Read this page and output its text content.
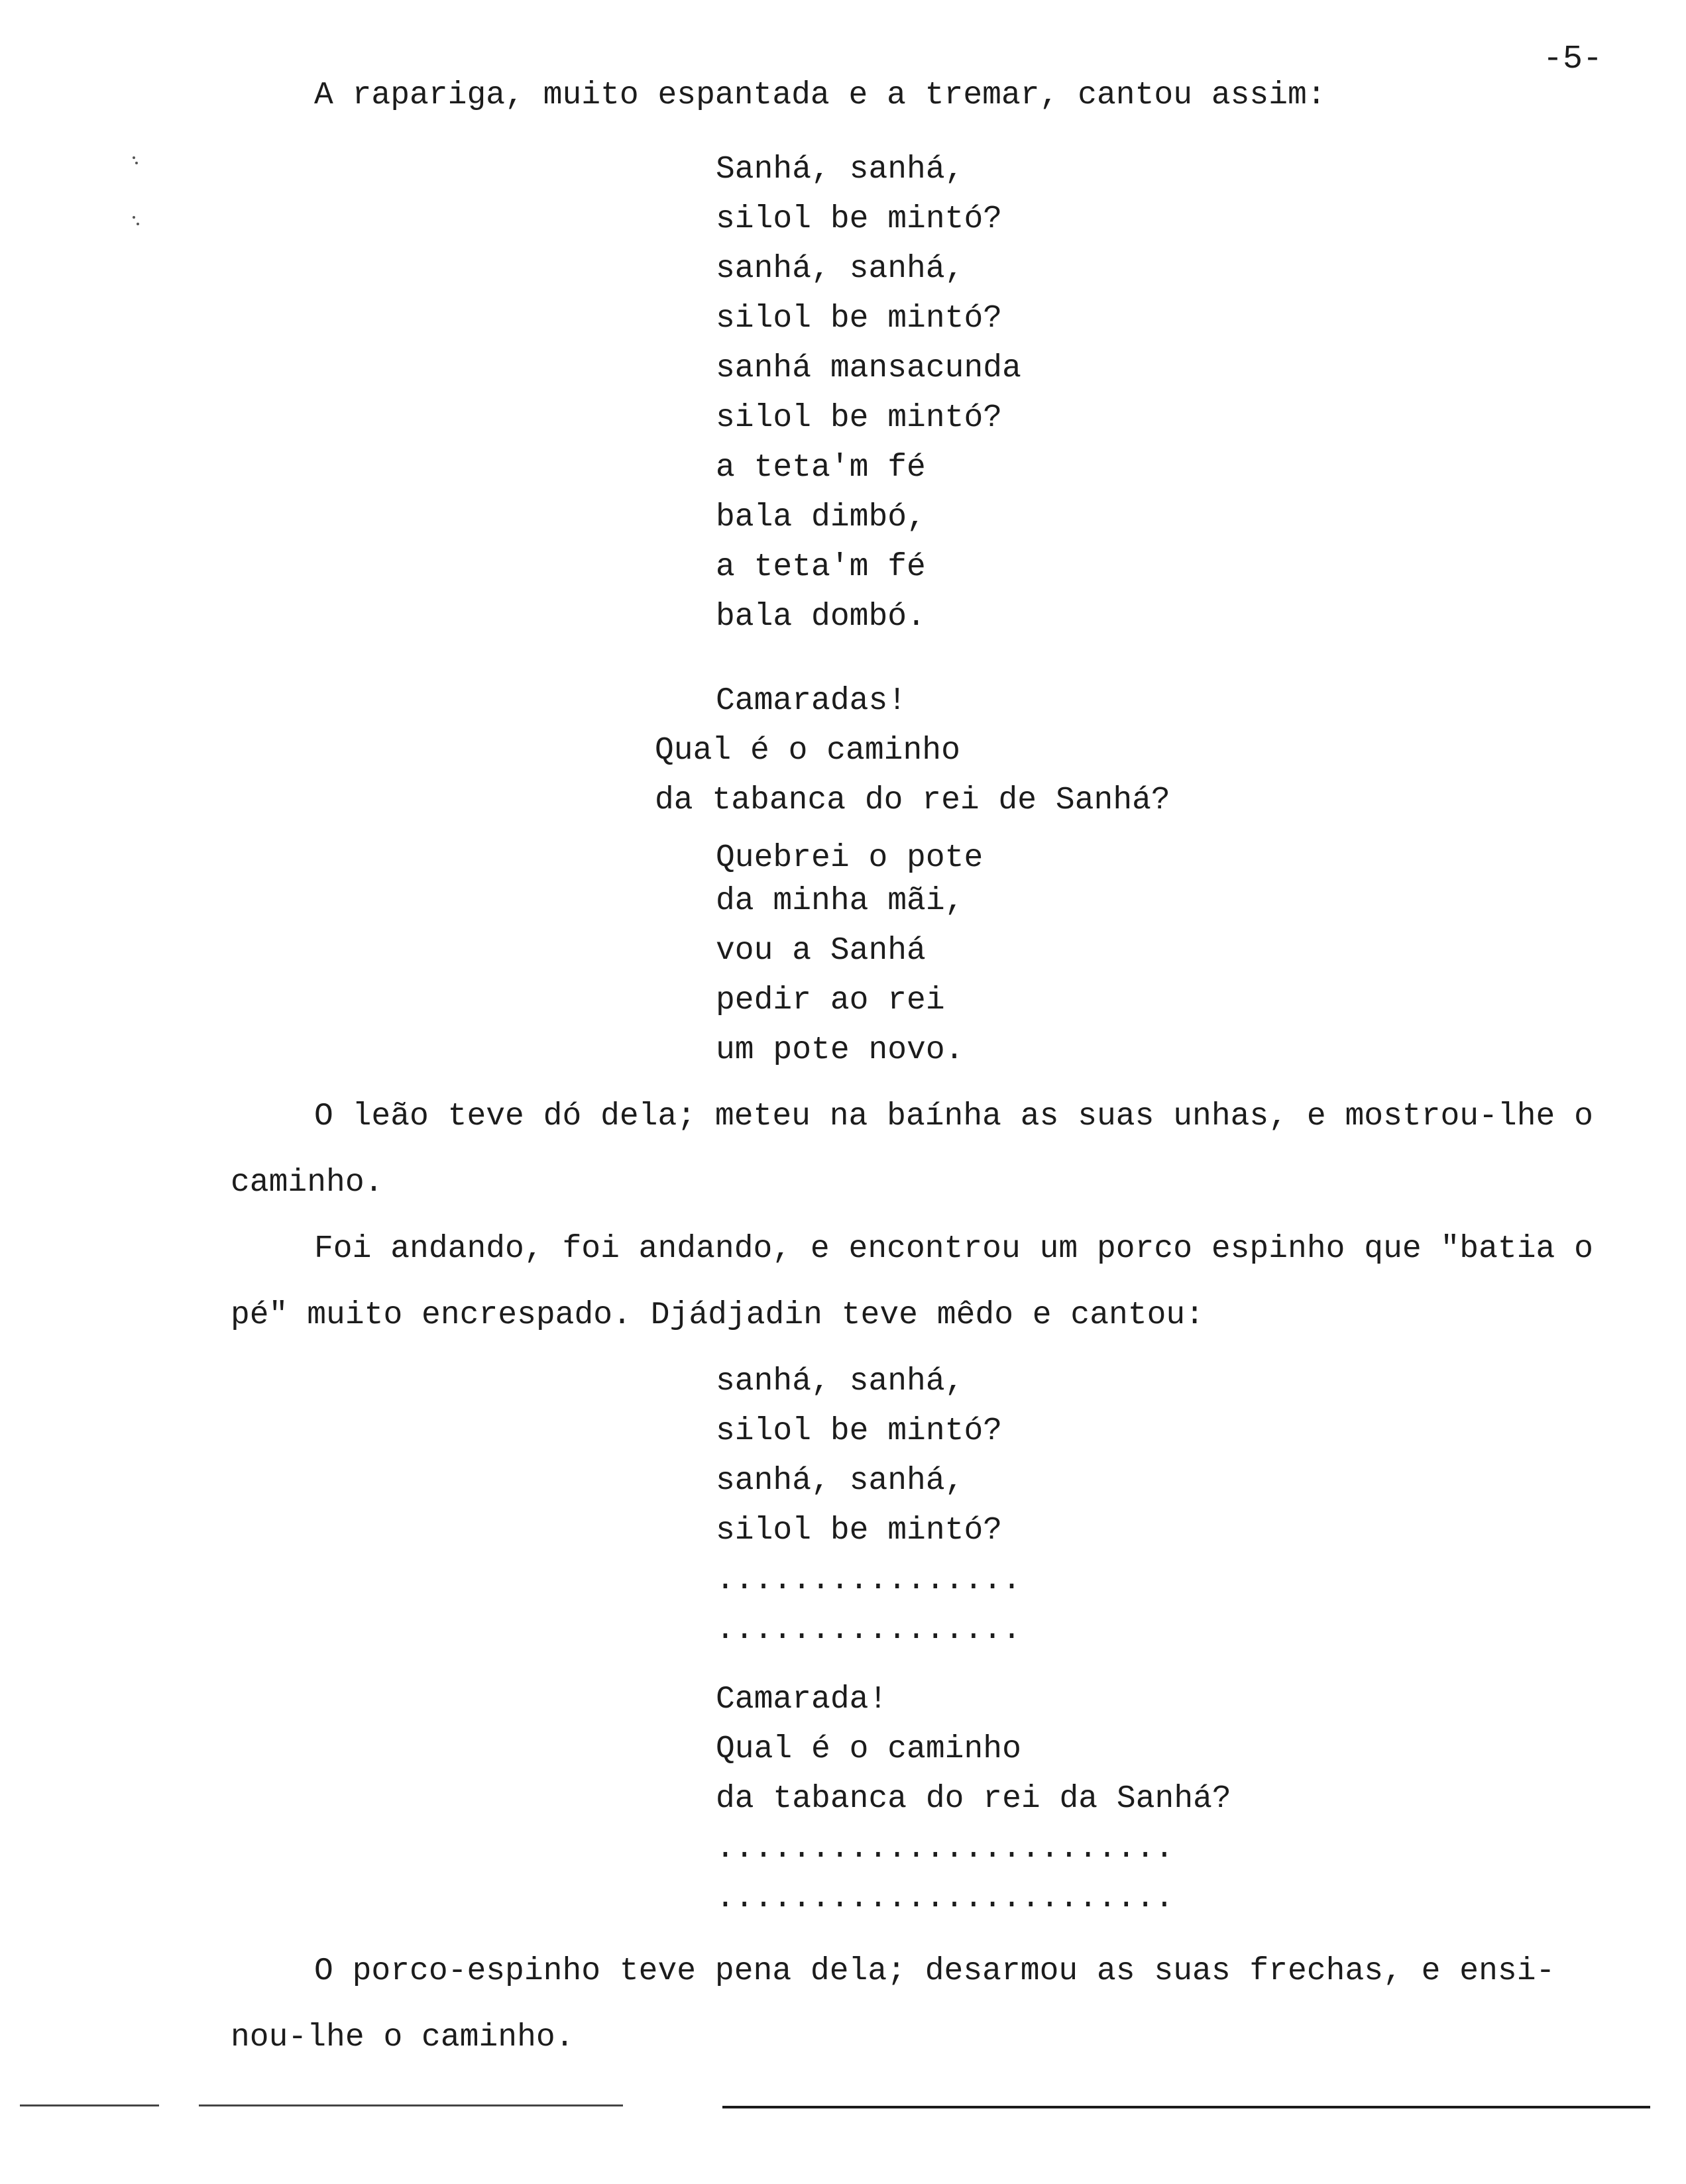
-5-
A rapariga, muito espantada e a tremar, cantou assim:
Sanhá, sanhá,
silol be mintó?
sanhá, sanhá,
silol be mintó?
sanhá mansacunda
silol be mintó?
a teta'm fé
bala dimbó,
a teta'm fé
bala dombó.
Camaradas!
Qual é o caminho
da tabanca do rei de Sanhá?
Quebrei o pote
da minha mãi,
vou a Sanhá
pedir ao rei
um pote novo.
O leão teve dó dela; meteu na baínha as suas unhas, e mostrou-lhe o
caminho.
Foi andando, foi andando, e encontrou um porco espinho que "batia o
pé" muito encrespado. Djádjadin teve mêdo e cantou:
sanhá, sanhá,
silol be mintó?
sanhá, sanhá,
silol be mintó?
................
................
Camarada!
Qual é o caminho
da tabanca do rei da Sanhá?
........................
........................
O porco-espinho teve pena dela; desarmou as suas frechas, e ensi-
nou-lhe o caminho.
